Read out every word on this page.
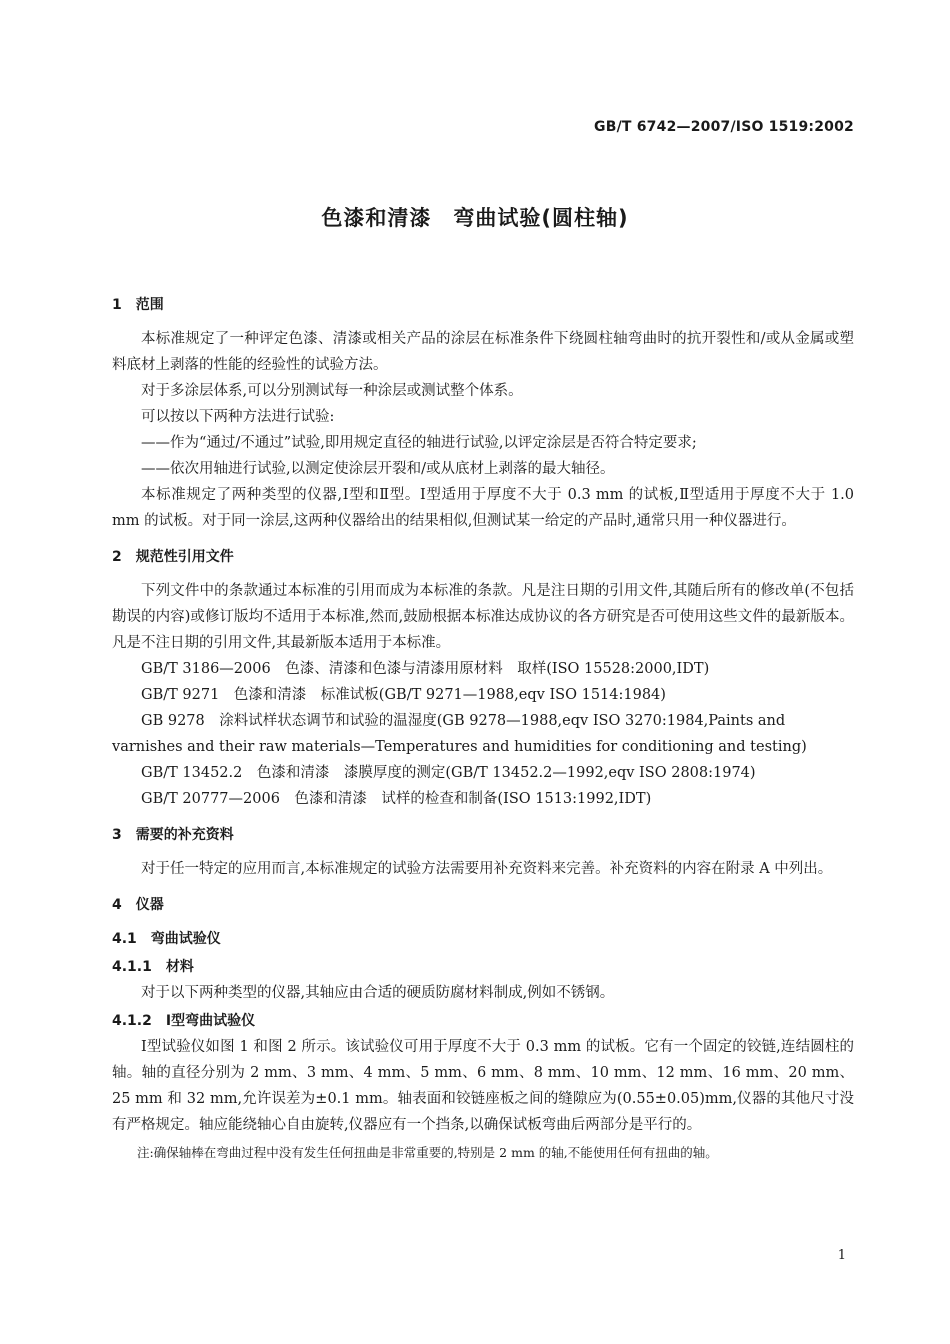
GB/T 6742—2007/ISO 1519:2002
色漆和清漆　弯曲试验(圆柱轴)
1　范围
本标准规定了一种评定色漆、清漆或相关产品的涂层在标准条件下绕圆柱轴弯曲时的抗开裂性和/或从金属或塑料底材上剥落的性能的经验性的试验方法。
对于多涂层体系,可以分别测试每一种涂层或测试整个体系。
可以按以下两种方法进行试验:
——作为“通过/不通过”试验,即用规定直径的轴进行试验,以评定涂层是否符合特定要求;
——依次用轴进行试验,以测定使涂层开裂和/或从底材上剥落的最大轴径。
本标准规定了两种类型的仪器,Ⅰ型和Ⅱ型。Ⅰ型适用于厚度不大于 0.3 mm 的试板,Ⅱ型适用于厚度不大于 1.0 mm 的试板。对于同一涂层,这两种仪器给出的结果相似,但测试某一给定的产品时,通常只用一种仪器进行。
2　规范性引用文件
下列文件中的条款通过本标准的引用而成为本标准的条款。凡是注日期的引用文件,其随后所有的修改单(不包括勘误的内容)或修订版均不适用于本标准,然而,鼓励根据本标准达成协议的各方研究是否可使用这些文件的最新版本。凡是不注日期的引用文件,其最新版本适用于本标准。
GB/T 3186—2006　色漆、清漆和色漆与清漆用原材料　取样(ISO 15528:2000,IDT)
GB/T 9271　色漆和清漆　标准试板(GB/T 9271—1988,eqv ISO 1514:1984)
GB 9278　涂料试样状态调节和试验的温湿度(GB 9278—1988,eqv ISO 3270:1984,Paints and varnishes and their raw materials—Temperatures and humidities for conditioning and testing)
GB/T 13452.2　色漆和清漆　漆膜厚度的测定(GB/T 13452.2—1992,eqv ISO 2808:1974)
GB/T 20777—2006　色漆和清漆　试样的检查和制备(ISO 1513:1992,IDT)
3　需要的补充资料
对于任一特定的应用而言,本标准规定的试验方法需要用补充资料来完善。补充资料的内容在附录 A 中列出。
4　仪器
4.1　弯曲试验仪
4.1.1　材料
对于以下两种类型的仪器,其轴应由合适的硬质防腐材料制成,例如不锈钢。
4.1.2　Ⅰ型弯曲试验仪
Ⅰ型试验仪如图 1 和图 2 所示。该试验仪可用于厚度不大于 0.3 mm 的试板。它有一个固定的铰链,连结圆柱的轴。轴的直径分别为 2 mm、3 mm、4 mm、5 mm、6 mm、8 mm、10 mm、12 mm、16 mm、20 mm、25 mm 和 32 mm,允许误差为±0.1 mm。轴表面和铰链座板之间的缝隙应为(0.55±0.05)mm,仪器的其他尺寸没有严格规定。轴应能绕轴心自由旋转,仪器应有一个挡条,以确保试板弯曲后两部分是平行的。
注:确保轴棒在弯曲过程中没有发生任何扭曲是非常重要的,特别是 2 mm 的轴,不能使用任何有扭曲的轴。
1
